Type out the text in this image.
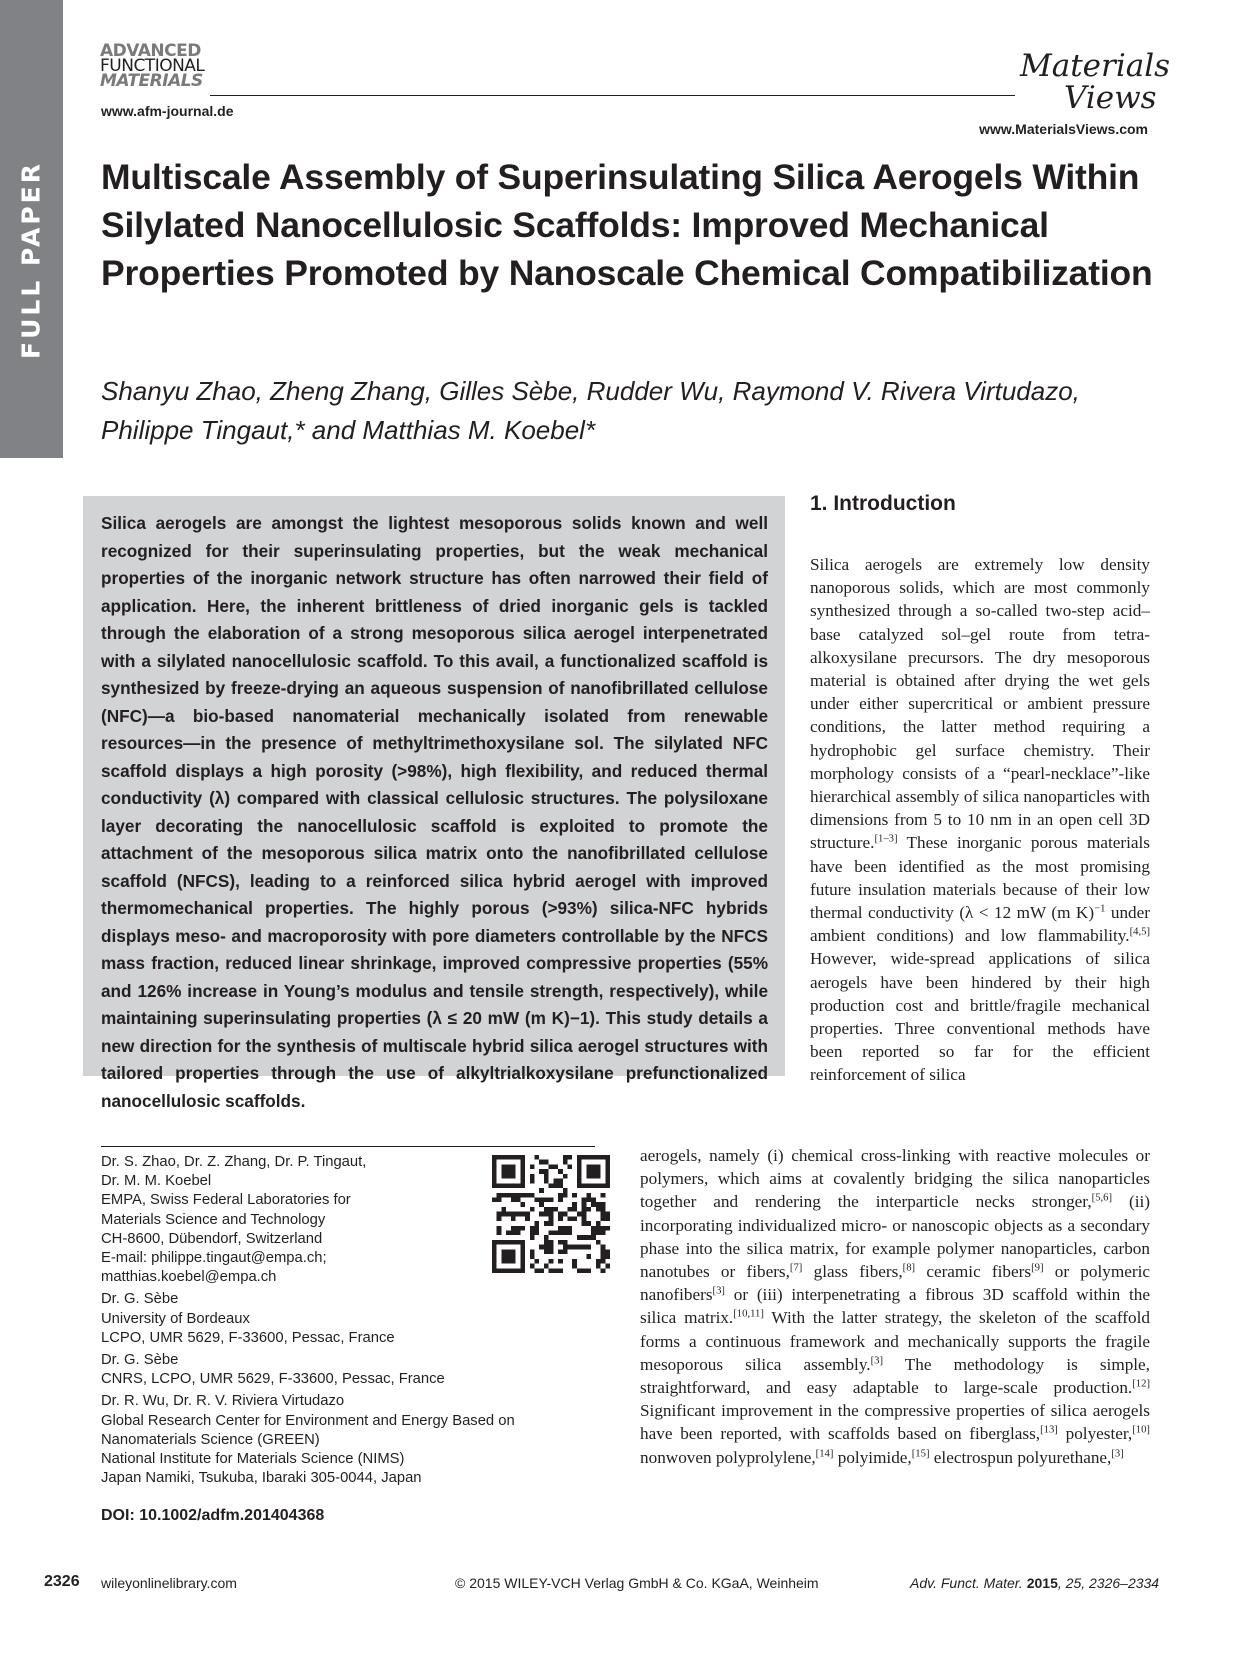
FULL PAPER
ADVANCED
FUNCTIONAL
MATERIALS
www.afm-journal.de
Materials
Views
www.MaterialsViews.com
Multiscale Assembly of Superinsulating Silica Aerogels Within Silylated Nanocellulosic Scaffolds: Improved Mechanical Properties Promoted by Nanoscale Chemical Compatibilization

Shanyu Zhao, Zheng Zhang, Gilles Sèbe, Rudder Wu, Raymond V. Rivera Virtudazo, Philippe Tingaut,* and Matthias M. Koebel*

Silica aerogels are amongst the lightest mesoporous solids known and well recognized for their superinsulating properties, but the weak mechanical properties of the inorganic network structure has often narrowed their field of application. Here, the inherent brittleness of dried inorganic gels is tackled through the elaboration of a strong mesoporous silica aerogel interpenetrated with a silylated nanocellulosic scaffold. To this avail, a functionalized scaffold is synthesized by freeze-drying an aqueous suspension of nanofibrillated cellulose (NFC)—a bio-based nanomaterial mechanically isolated from renewable resources—in the presence of methyltrimethoxysilane sol. The silylated NFC scaffold displays a high porosity (>98%), high flexibility, and reduced thermal conductivity (λ) compared with classical cellulosic structures. The polysiloxane layer decorating the nanocellulosic scaffold is exploited to promote the attachment of the mesoporous silica matrix onto the nanofibrillated cellulose scaffold (NFCS), leading to a reinforced silica hybrid aerogel with improved thermomechanical properties. The highly porous (>93%) silica-NFC hybrids displays meso- and macroporosity with pore diameters controllable by the NFCS mass fraction, reduced linear shrinkage, improved compressive properties (55% and 126% increase in Young’s modulus and tensile strength, respectively), while maintaining superinsulating properties (λ ≤ 20 mW (m K)−1). This study details a new direction for the synthesis of multiscale hybrid silica aerogel structures with tailored properties through the use of alkyltrialkoxysilane prefunctionalized nanocellulosic scaffolds.

1. Introduction

Silica aerogels are extremely low density nanoporous solids, which are most commonly synthesized through a so-called two-step acid–base catalyzed sol–gel route from tetra-alkoxysilane precursors. The dry mesoporous material is obtained after drying the wet gels under either supercritical or ambient pressure conditions, the latter method requiring a hydrophobic gel surface chemistry. Their morphology consists of a “pearl-necklace”-like hierarchical assembly of silica nanoparticles with dimensions from 5 to 10 nm in an open cell 3D structure.[1–3] These inorganic porous materials have been identified as the most promising future insulation materials because of their low thermal conductivity (λ < 12 mW (m K)$^{-1}$ under ambient conditions) and low flammability.[4,5] However, wide-spread applications of silica aerogels have been hindered by their high production cost and brittle/fragile mechanical properties. Three conventional methods have been reported so far for the efficient reinforcement of silica

aerogels, namely (i) chemical cross-linking with reactive molecules or polymers, which aims at covalently bridging the silica nanoparticles together and rendering the interparticle necks stronger,[5,6] (ii) incorporating individualized micro- or nanoscopic objects as a secondary phase into the silica matrix, for example polymer nanoparticles, carbon nanotubes or fibers,[7] glass fibers,[8] ceramic fibers[9] or polymeric nanofibers[3] or (iii) interpenetrating a fibrous 3D scaffold within the silica matrix.[10,11] With the latter strategy, the skeleton of the scaffold forms a continuous framework and mechanically supports the fragile mesoporous silica assembly.[3] The methodology is simple, straightforward, and easy adaptable to large-scale production.[12] Significant improvement in the compressive properties of silica aerogels have been reported, with scaffolds based on fiberglass,[13] polyester,[10] nonwoven polyprolylene,[14] polyimide,[15] electrospun polyurethane,[3]

Dr. S. Zhao, Dr. Z. Zhang, Dr. P. Tingaut,
Dr. M. M. Koebel
EMPA, Swiss Federal Laboratories for
Materials Science and Technology
CH-8600, Dübendorf, Switzerland
E-mail: philippe.tingaut@empa.ch;
matthias.koebel@empa.ch

Dr. G. Sèbe
University of Bordeaux
LCPO, UMR 5629, F-33600, Pessac, France

Dr. G. Sèbe
CNRS, LCPO, UMR 5629, F-33600, Pessac, France

Dr. R. Wu, Dr. R. V. Riviera Virtudazo
Global Research Center for Environment and Energy Based on
Nanomaterials Science (GREEN)
National Institute for Materials Science (NIMS)
Japan Namiki, Tsukuba, Ibaraki 305-0044, Japan

DOI: 10.1002/adfm.201404368
2326 wileyonlinelibrary.com	© 2015 WILEY-VCH Verlag GmbH & Co. KGaA, Weinheim	Adv. Funct. Mater. 2015, 25, 2326–2334
